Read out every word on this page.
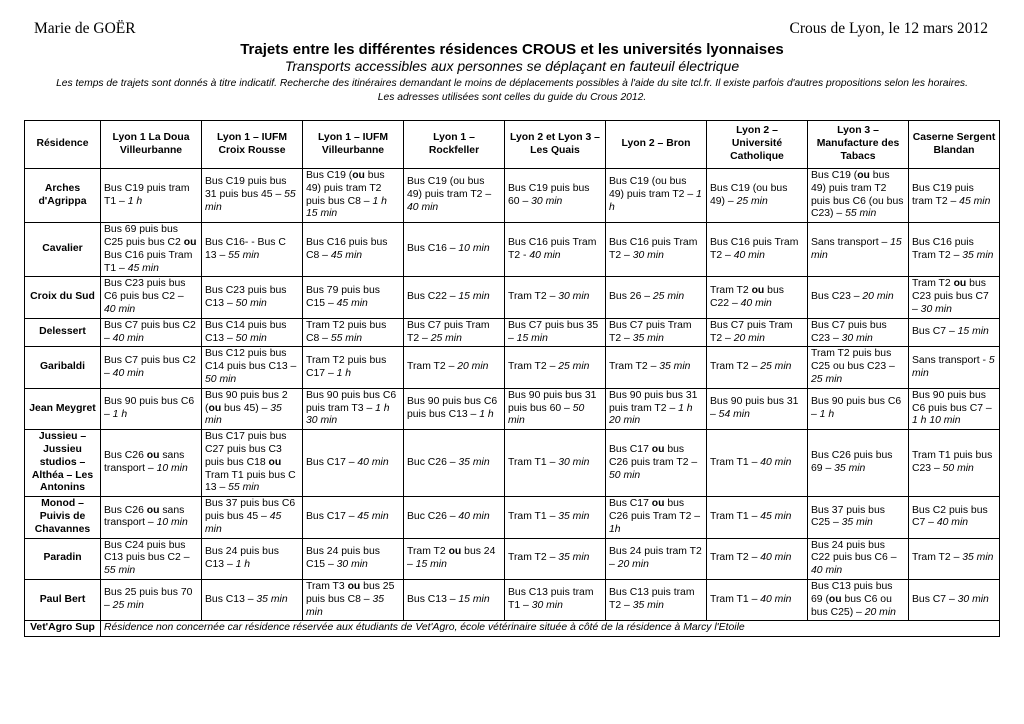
Marie de GOËR	Crous de Lyon, le 12 mars 2012
Trajets entre les différentes résidences CROUS et les universités lyonnaises
Transports accessibles aux personnes se déplaçant en fauteuil électrique
Les temps de trajets sont donnés à titre indicatif. Recherche des itinéraires demandant le moins de déplacements possibles à l'aide du site tcl.fr. Il existe parfois d'autres propositions selon les horaires.
Les adresses utilisées sont celles du guide du Crous 2012.
Résidence	Lyon 1 La Doua Villeurbanne	Lyon 1 – IUFM Croix Rousse	Lyon 1 – IUFM Villeurbanne	Lyon 1 – Rockfeller	Lyon 2 et Lyon 3 – Les Quais	Lyon 2 – Bron	Lyon 2 – Université Catholique	Lyon 3 – Manufacture des Tabacs	Caserne Sergent Blandan
Arches d'Agrippa	Bus C19 puis tram T1 – 1 h	Bus C19 puis bus 31 puis bus 45 – 55 min	Bus C19 (ou bus 49) puis tram T2 puis bus C8 – 1 h 15 min	Bus C19 (ou bus 49) puis tram T2 – 40 min	Bus C19 puis bus 60 – 30 min	Bus C19 (ou bus 49) puis tram T2 – 1 h	Bus C19 (ou bus 49) – 25 min	Bus C19 (ou bus 49) puis tram T2 puis bus C6 (ou bus C23) – 55 min	Bus C19 puis tram T2 – 45 min
Cavalier	Bus 69 puis bus C25 puis bus C2 ou Bus C16 puis Tram T1 – 45 min	Bus C16- - Bus C 13 – 55 min	Bus C16 puis bus C8 – 45 min	Bus C16 – 10 min	Bus C16 puis Tram T2 - 40 min	Bus C16 puis Tram T2 – 30 min	Bus C16 puis Tram T2 – 40 min	Sans transport – 15 min	Bus C16 puis Tram T2 – 35 min
Croix du Sud	Bus C23 puis bus C6 puis bus C2 – 40 min	Bus C23 puis bus C13 – 50 min	Bus 79 puis bus C15 – 45 min	Bus C22 – 15 min	Tram T2 – 30 min	Bus 26 – 25 min	Tram T2 ou bus C22 – 40 min	Bus C23 – 20 min	Tram T2 ou bus C23 puis bus C7 – 30 min
Delessert	Bus C7 puis bus C2 – 40 min	Bus C14 puis bus C13 – 50 min	Tram T2 puis bus C8 – 55 min	Bus C7 puis Tram T2 – 25 min	Bus C7 puis bus 35 – 15 min	Bus C7 puis Tram T2 – 35 min	Bus C7 puis Tram T2 – 20 min	Bus C7 puis bus C23 – 30 min	Bus C7 – 15 min
Garibaldi	Bus C7 puis bus C2 – 40 min	Bus C12 puis bus C14 puis bus C13 – 50 min	Tram T2 puis bus C17 – 1 h	Tram T2 – 20 min	Tram T2 – 25 min	Tram T2 – 35 min	Tram T2 – 25 min	Tram T2 puis bus C25 ou bus C23 – 25 min	Sans transport - 5 min
Jean Meygret	Bus 90 puis bus C6 – 1 h	Bus 90 puis bus 2 (ou bus 45) – 35 min	Bus 90 puis bus C6 puis tram T3 – 1 h 30 min	Bus 90 puis bus C6 puis bus C13 – 1 h	Bus 90 puis bus 31 puis bus 60 – 50 min	Bus 90 puis bus 31 puis tram T2 – 1 h 20 min	Bus 90 puis bus 31 – 54 min	Bus 90 puis bus C6 – 1 h	Bus 90 puis bus C6 puis bus C7 – 1 h 10 min
Jussieu – Jussieu studios – Althéa – Les Antonins	Bus C26 ou sans transport – 10 min	Bus C17 puis bus C27 puis bus C3 puis bus C18 ou Tram T1 puis bus C 13 – 55 min	Bus C17 – 40 min	Buc C26 – 35 min	Tram T1 – 30 min	Bus C17 ou bus C26 puis tram T2 – 50 min	Tram T1 – 40 min	Bus C26 puis bus 69 – 35 min	Tram T1 puis bus C23 – 50 min
Monod – Puivis de Chavannes	Bus C26 ou sans transport – 10 min	Bus 37 puis bus C6 puis bus 45 – 45 min	Bus C17 – 45 min	Buc C26 – 40 min	Tram T1 – 35 min	Bus C17 ou bus C26 puis Tram T2 – 1h	Tram T1 – 45 min	Bus 37 puis bus C25 – 35 min	Bus C2 puis bus C7 – 40 min
Paradin	Bus C24 puis bus C13 puis bus C2 – 55 min	Bus 24 puis bus C13 – 1 h	Bus 24 puis bus C15 – 30 min	Tram T2 ou bus 24 – 15 min	Tram T2 – 35 min	Bus 24 puis tram T2 – 20 min	Tram T2 – 40 min	Bus 24 puis bus C22 puis bus C6 – 40 min	Tram T2 – 35 min
Paul Bert	Bus 25 puis bus 70 – 25 min	Bus C13 – 35 min	Tram T3 ou bus 25 puis bus C8 – 35 min	Bus C13 – 15 min	Bus C13 puis tram T1 – 30 min	Bus C13 puis tram T2 – 35 min	Tram T1 – 40 min	Bus C13 puis bus 69 (ou bus C6 ou bus C25) – 20 min	Bus C7 – 30 min
Vet'Agro Sup	Résidence non concernée car résidence réservée aux étudiants de Vet'Agro, école vétérinaire située à côté de la résidence à Marcy l'Etoile								
